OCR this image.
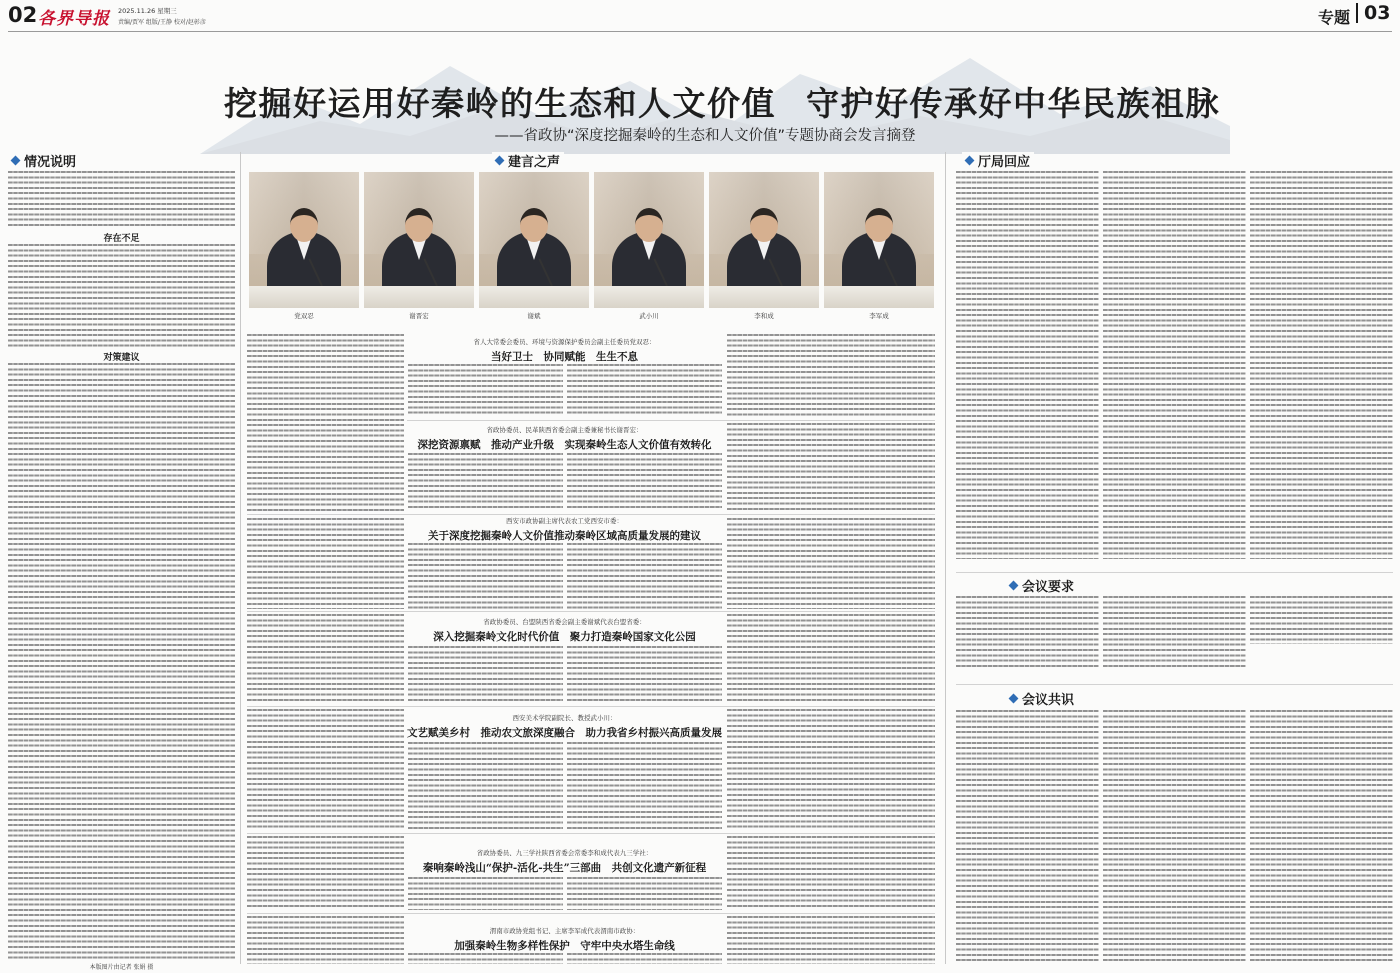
02 各界导报 2025.11.26 星期三
责编/贾军 组版/王静 校对/赵彰彦	专题 03
挖掘好运用好秦岭的生态和人文价值 守护好传承好中华民族祖脉
——省政协“深度挖掘秦岭的生态和人文价值”专题协商会发言摘登
情况说明
存在不足
对策建议
本版图片由记者 张娟 摄
建言之声
党双忍	谢晋宏	谢斌	武小川	李和成	李军成
省人大常委会委员、环境与资源保护委员会副主任委员党双忍：
当好卫士　协同赋能　生生不息
省政协委员、民革陕西省委会副主委兼秘书长谢晋宏：
深挖资源禀赋　推动产业升级　实现秦岭生态人文价值有效转化
西安市政协副主席代表农工党西安市委：
关于深度挖掘秦岭人文价值推动秦岭区域高质量发展的建议
省政协委员、台盟陕西省委会副主委谢斌代表台盟省委：
深入挖掘秦岭文化时代价值　聚力打造秦岭国家文化公园
西安美术学院副院长、教授武小川：
文艺赋美乡村　推动农文旅深度融合　助力我省乡村振兴高质量发展
省政协委员、九三学社陕西省委会常委李和成代表九三学社：
秦响秦岭浅山“保护-活化-共生”三部曲　共创文化遗产新征程
渭南市政协党组书记、主席李军成代表渭南市政协：
加强秦岭生物多样性保护　守牢中央水塔生命线
厅局回应
会议要求
会议共识
